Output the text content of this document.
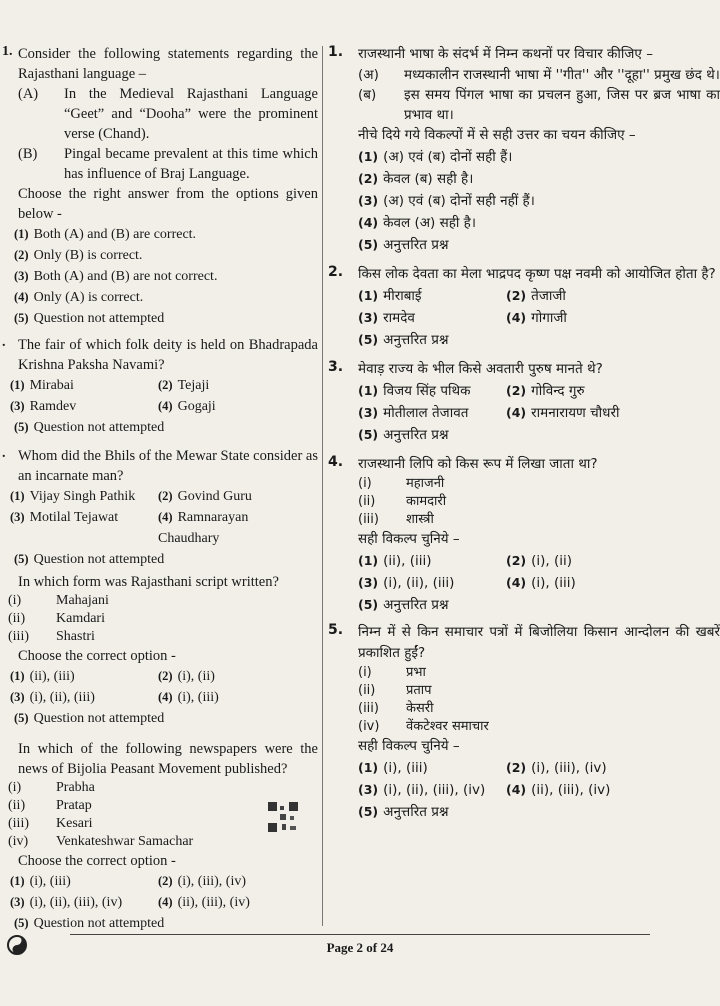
1. Consider the following statements regarding the Rajasthani language –

(A)	In the Medieval Rajasthani Language “Geet” and “Dooha” were the prominent verse (Chand).
(B)	Pingal became prevalent at this time which has influence of Braj Language.

Choose the right answer from the options given below -

(1) Both (A) and (B) are correct.
(2) Only (B) is correct.
(3) Both (A) and (B) are not correct.
(4) Only (A) is correct.
(5) Question not attempted
. The fair of which folk deity is held on Bhadrapada Krishna Paksha Navami?

(1) Mirabai	(2) Tejaji
(3) Ramdev	(4) Gogaji
(5) Question not attempted
. Whom did the Bhils of the Mewar State consider as an incarnate man?

(1) Vijay Singh Pathik	(2) Govind Guru
(3) Motilal Tejawat	(4) Ramnarayan Chaudhary
(5) Question not attempted

In which form was Rajasthani script written?

(i)	Mahajani
(ii)	Kamdari
(iii)	Shastri

Choose the correct option -

(1) (ii), (iii)	(2) (i), (ii)
(3) (i), (ii), (iii)	(4) (i), (iii)
(5) Question not attempted

In which of the following newspapers were the news of Bijolia Peasant Movement published?

(i)	Prabha
(ii)	Pratap
(iii)	Kesari
(iv)	Venkateshwar Samachar

Choose the correct option -

(1) (i), (iii)	(2) (i), (iii), (iv)
(3) (i), (ii), (iii), (iv)	(4) (ii), (iii), (iv)
(5) Question not attempted
1. राजस्थानी भाषा के संदर्भ में निम्न कथनों पर विचार कीजिए –

(अ)	मध्यकालीन राजस्थानी भाषा में ''गीत'' और ''दूहा'' प्रमुख छंद थे।
(ब)	इस समय पिंगल भाषा का प्रचलन हुआ, जिस पर ब्रज भाषा का प्रभाव था।

नीचे दिये गये विकल्पों में से सही उत्तर का चयन कीजिए –

(1) (अ) एवं (ब) दोनों सही हैं।
(2) केवल (ब) सही है।
(3) (अ) एवं (ब) दोनों सही नहीं हैं।
(4) केवल (अ) सही है।
(5) अनुत्तरित प्रश्न
2. किस लोक देवता का मेला भाद्रपद कृष्ण पक्ष नवमी को आयोजित होता है?

(1) मीराबाई	(2) तेजाजी
(3) रामदेव	(4) गोगाजी
(5) अनुत्तरित प्रश्न
3. मेवाड़ राज्य के भील किसे अवतारी पुरुष मानते थे?

(1) विजय सिंह पथिक	(2) गोविन्द गुरु
(3) मोतीलाल तेजावत	(4) रामनारायण चौधरी
(5) अनुत्तरित प्रश्न
4. राजस्थानी लिपि को किस रूप में लिखा जाता था?

(i)	महाजनी
(ii)	कामदारी
(iii)	शास्त्री

सही विकल्प चुनिये –

(1) (ii), (iii)	(2) (i), (ii)
(3) (i), (ii), (iii)	(4) (i), (iii)
(5) अनुत्तरित प्रश्न
5. निम्न में से किन समाचार पत्रों में बिजोलिया किसान आन्दोलन की खबरें प्रकाशित हुईं?

(i)	प्रभा
(ii)	प्रताप
(iii)	केसरी
(iv)	वेंकटेश्वर समाचार

सही विकल्प चुनिये –

(1) (i), (iii)	(2) (i), (iii), (iv)
(3) (i), (ii), (iii), (iv)	(4) (ii), (iii), (iv)
(5) अनुत्तरित प्रश्न
Page 2 of 24
